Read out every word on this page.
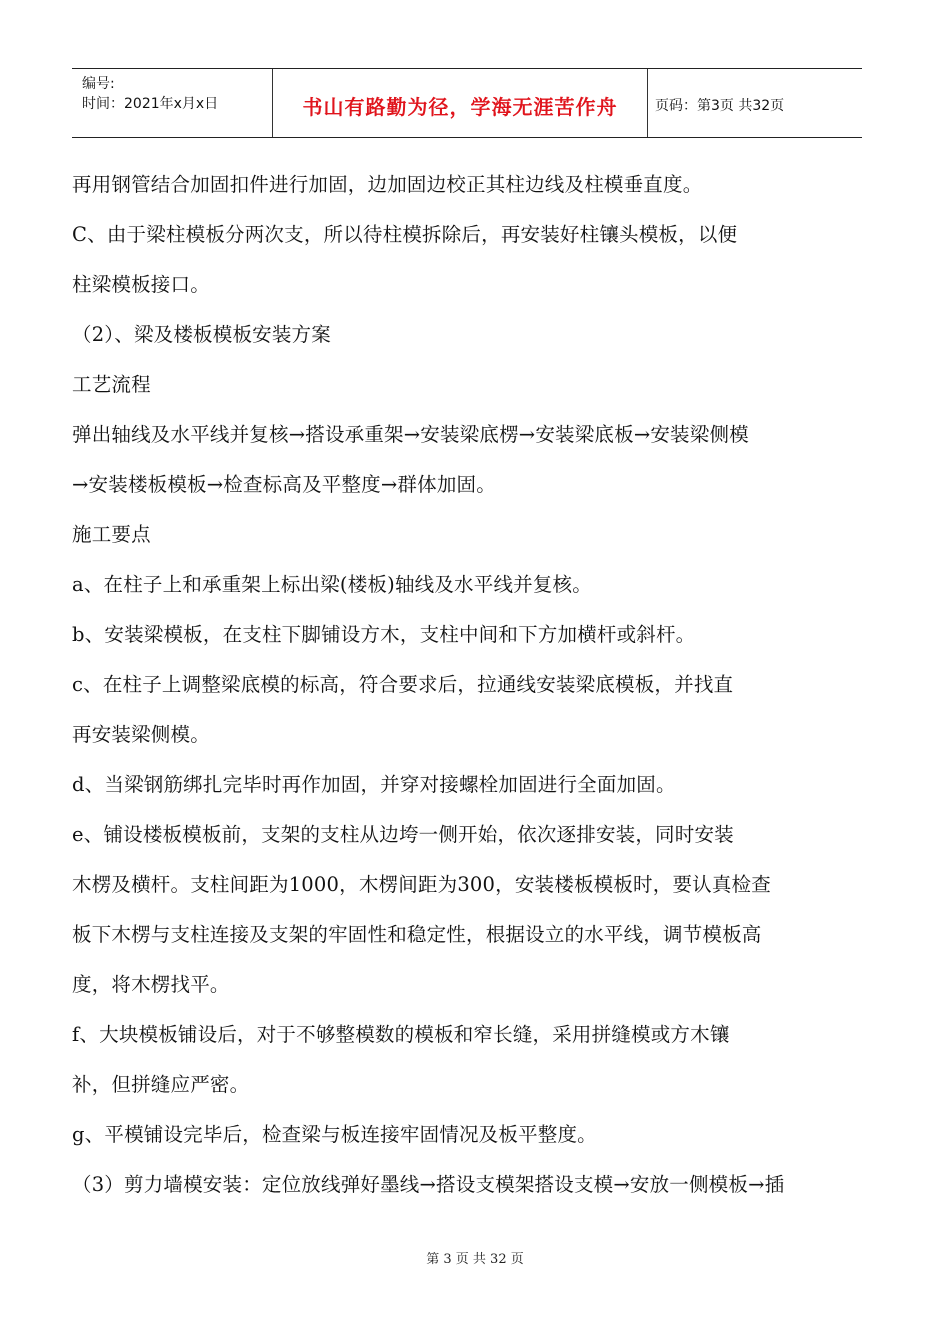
编号:
时间：2021年x月x日	书山有路勤为径，学海无涯苦作舟	页码：第3页 共32页
再用钢管结合加固扣件进行加固，边加固边校正其柱边线及柱模垂直度。
C、由于梁柱模板分两次支，所以待柱模拆除后，再安装好柱镶头模板，以便
柱梁模板接口。
（2）、梁及楼板模板安装方案
工艺流程
弹出轴线及水平线并复核→搭设承重架→安装梁底楞→安装梁底板→安装梁侧模
→安装楼板模板→检查标高及平整度→群体加固。
施工要点
a、在柱子上和承重架上标出梁(楼板)轴线及水平线并复核。
b、安装梁模板，在支柱下脚铺设方木，支柱中间和下方加横杆或斜杆。
c、在柱子上调整梁底模的标高，符合要求后，拉通线安装梁底模板，并找直
再安装梁侧模。
d、当梁钢筋绑扎完毕时再作加固，并穿对接螺栓加固进行全面加固。
e、铺设楼板模板前，支架的支柱从边垮一侧开始，依次逐排安装，同时安装
木楞及横杆。支柱间距为1000，木楞间距为300，安装楼板模板时，要认真检查
板下木楞与支柱连接及支架的牢固性和稳定性，根据设立的水平线，调节模板高
度，将木楞找平。
f、大块模板铺设后，对于不够整模数的模板和窄长缝，采用拼缝模或方木镶
补，但拼缝应严密。
g、平模铺设完毕后，检查梁与板连接牢固情况及板平整度。
（3）剪力墙模安装：定位放线弹好墨线→搭设支模架搭设支模→安放一侧模板→插
第 3 页 共 32 页
